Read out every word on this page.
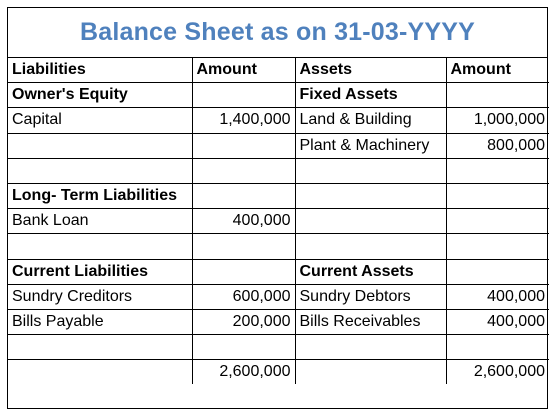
Balance Sheet as on 31-03-YYYY
Liabilities	Amount	Assets	Amount
Owner's Equity		Fixed Assets	
Capital	1,400,000	Land & Building	1,000,000
		Plant & Machinery	800,000

Long- Term Liabilities			
Bank Loan	400,000		

Current Liabilities		Current Assets	
Sundry Creditors	600,000	Sundry Debtors	400,000
Bills Payable	200,000	Bills Receivables	400,000

	2,600,000		2,600,000
